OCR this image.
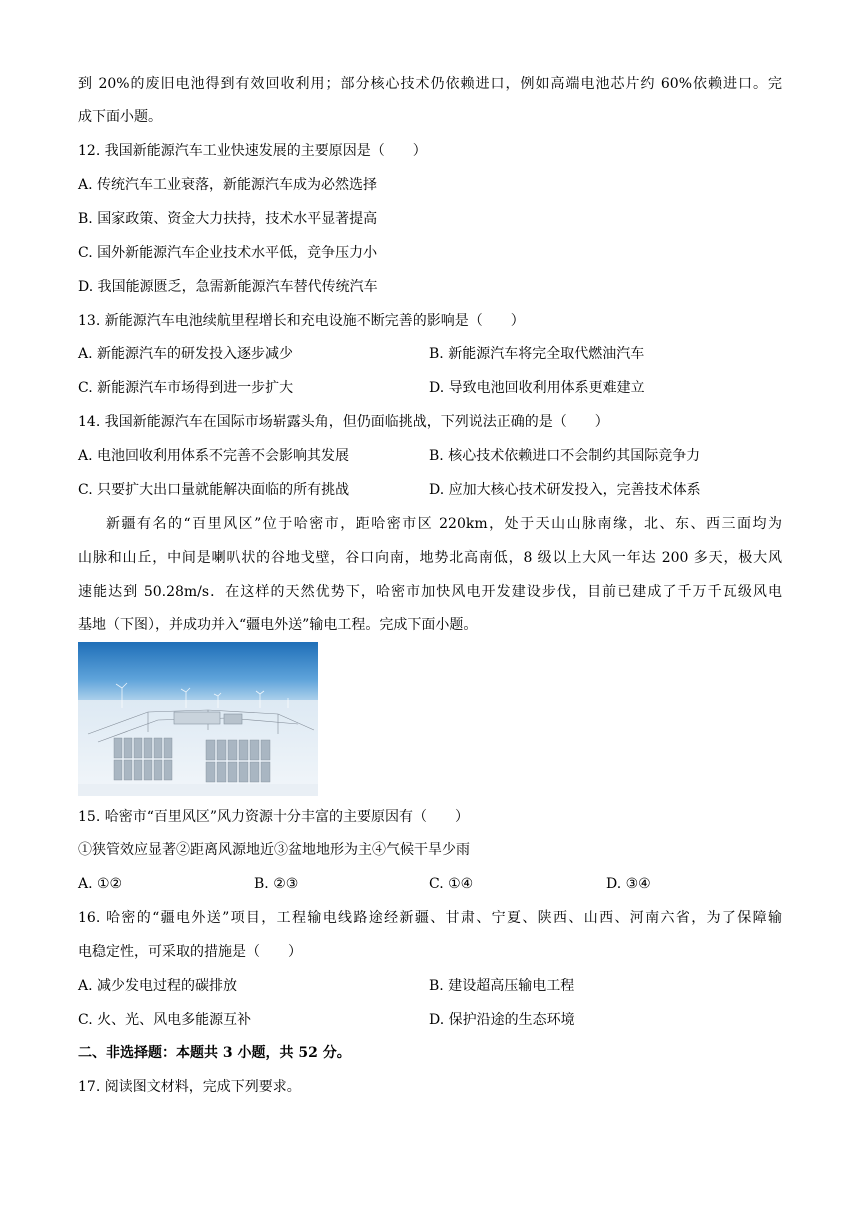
到 20%的废旧电池得到有效回收利用；部分核心技术仍依赖进口，例如高端电池芯片约 60%依赖进口。完
成下面小题。
12. 我国新能源汽车工业快速发展的主要原因是（　　）
A. 传统汽车工业衰落，新能源汽车成为必然选择
B. 国家政策、资金大力扶持，技术水平显著提高
C. 国外新能源汽车企业技术水平低，竞争压力小
D. 我国能源匮乏，急需新能源汽车替代传统汽车
13. 新能源汽车电池续航里程增长和充电设施不断完善的影响是（　　）
A. 新能源汽车的研发投入逐步减少	B. 新能源汽车将完全取代燃油汽车
C. 新能源汽车市场得到进一步扩大	D. 导致电池回收利用体系更难建立
14. 我国新能源汽车在国际市场崭露头角，但仍面临挑战，下列说法正确的是（　　）
A. 电池回收利用体系不完善不会影响其发展	B. 核心技术依赖进口不会制约其国际竞争力
C. 只要扩大出口量就能解决面临的所有挑战	D. 应加大核心技术研发投入，完善技术体系
新疆有名的“百里风区”位于哈密市，距哈密市区 220km，处于天山山脉南缘，北、东、西三面均为
山脉和山丘，中间是喇叭状的谷地戈壁，谷口向南，地势北高南低，8 级以上大风一年达 200 多天，极大风
速能达到 50.28m/s．在这样的天然优势下，哈密市加快风电开发建设步伐，目前已建成了千万千瓦级风电
基地（下图），并成功并入“疆电外送”输电工程。完成下面小题。
15. 哈密市“百里风区”风力资源十分丰富的主要原因有（　　）
①狭管效应显著②距离风源地近③盆地地形为主④气候干旱少雨
A. ①②	B. ②③	C. ①④	D. ③④
16. 哈密的“疆电外送”项目，工程输电线路途经新疆、甘肃、宁夏、陕西、山西、河南六省，为了保障输
电稳定性，可采取的措施是（　　）
A. 减少发电过程的碳排放	B. 建设超高压输电工程
C. 火、光、风电多能源互补	D. 保护沿途的生态环境
二、非选择题：本题共 3 小题，共 52 分。
17. 阅读图文材料，完成下列要求。
